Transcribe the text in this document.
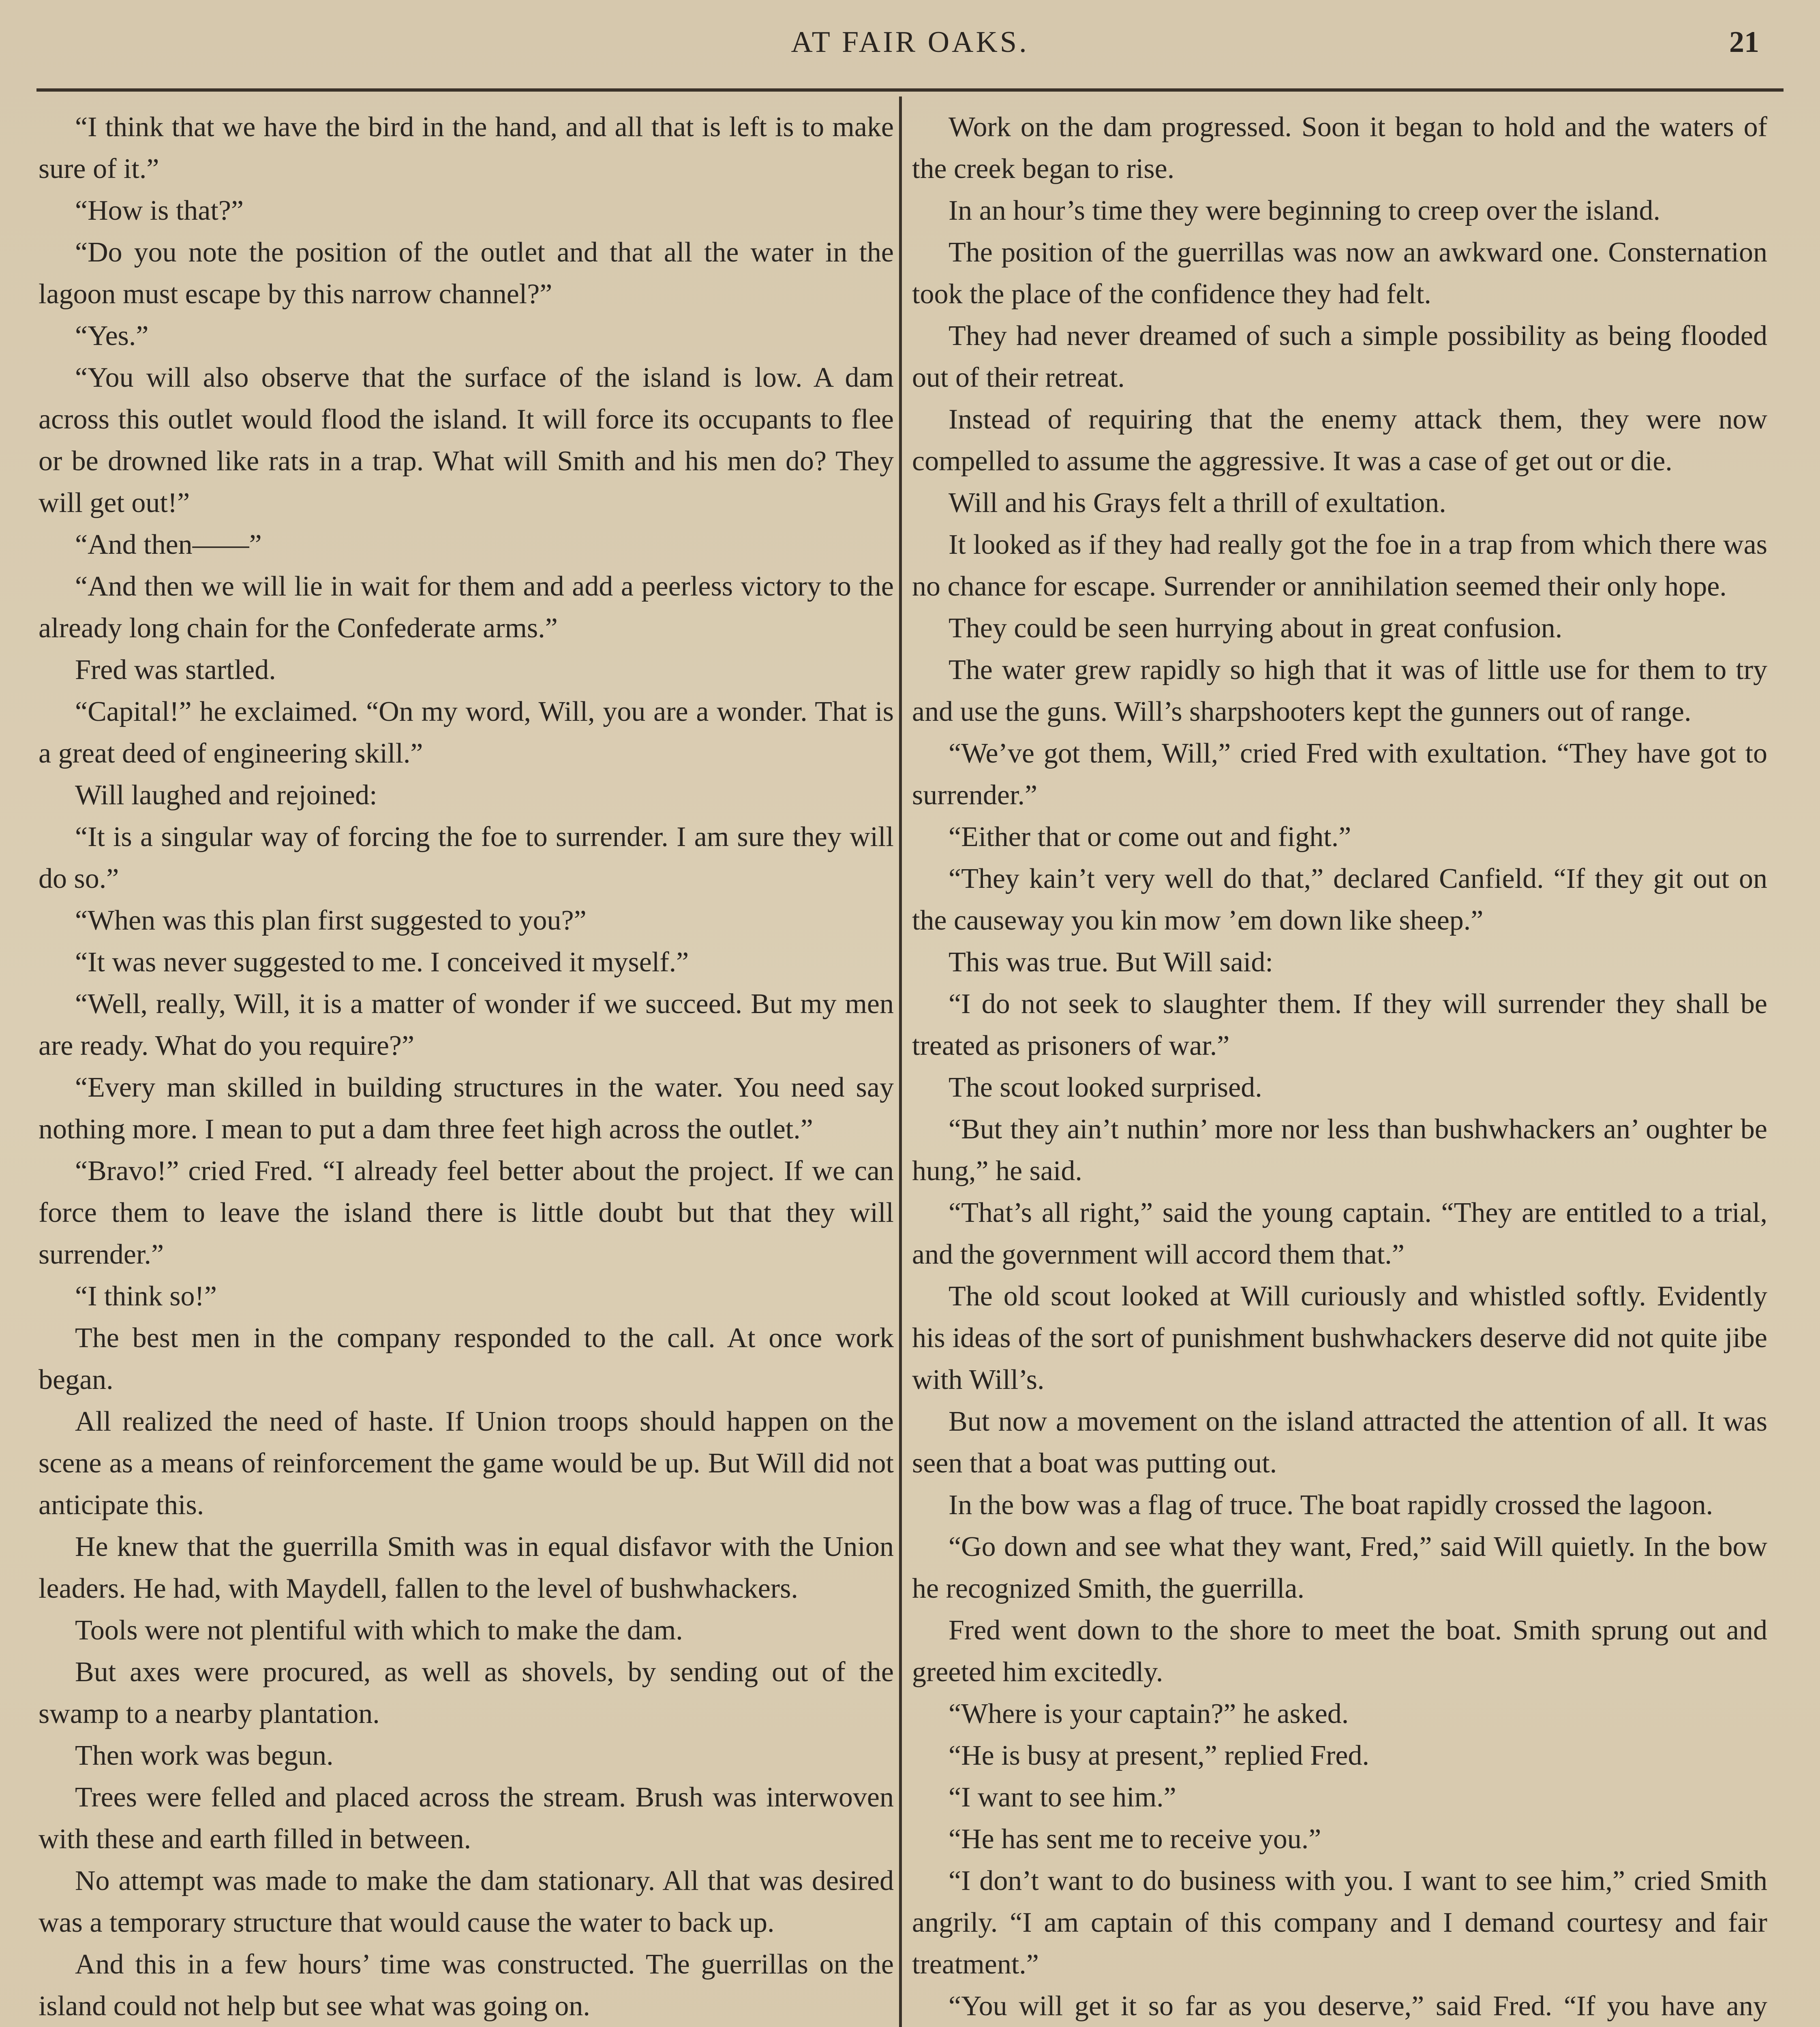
AT FAIR OAKS.	21

“I think that we have the bird in the hand, and all that is left is to make sure of it.”

“How is that?”

“Do you note the position of the outlet and that all the water in the lagoon must escape by this narrow channel?”

“Yes.”

“You will also observe that the surface of the island is low. A dam across this outlet would flood the island. It will force its occupants to flee or be drowned like rats in a trap. What will Smith and his men do? They will get out!”

“And then——”

“And then we will lie in wait for them and add a peerless victory to the already long chain for the Confederate arms.”

Fred was startled.

“Capital!” he exclaimed. “On my word, Will, you are a wonder. That is a great deed of engineering skill.”

Will laughed and rejoined:

“It is a singular way of forcing the foe to surrender. I am sure they will do so.”

“When was this plan first suggested to you?”

“It was never suggested to me. I conceived it myself.”

“Well, really, Will, it is a matter of wonder if we succeed. But my men are ready. What do you require?”

“Every man skilled in building structures in the water. You need say nothing more. I mean to put a dam three feet high across the outlet.”

“Bravo!” cried Fred. “I already feel better about the project. If we can force them to leave the island there is little doubt but that they will surrender.”

“I think so!”

The best men in the company responded to the call. At once work began.

All realized the need of haste. If Union troops should happen on the scene as a means of reinforcement the game would be up. But Will did not anticipate this.

He knew that the guerrilla Smith was in equal disfavor with the Union leaders. He had, with Maydell, fallen to the level of bushwhackers.

Tools were not plentiful with which to make the dam.

But axes were procured, as well as shovels, by sending out of the swamp to a nearby plantation.

Then work was begun.

Trees were felled and placed across the stream. Brush was interwoven with these and earth filled in between.

No attempt was made to make the dam stationary. All that was desired was a temporary structure that would cause the water to back up.

And this in a few hours’ time was constructed. The guerrillas on the island could not help but see what was going on.

Work on the dam progressed. Soon it began to hold and the waters of the creek began to rise.

In an hour’s time they were beginning to creep over the island.

The position of the guerrillas was now an awkward one. Consternation took the place of the confidence they had felt.

They had never dreamed of such a simple possibility as being flooded out of their retreat.

Instead of requiring that the enemy attack them, they were now compelled to assume the aggressive. It was a case of get out or die.

Will and his Grays felt a thrill of exultation.

It looked as if they had really got the foe in a trap from which there was no chance for escape. Surrender or annihilation seemed their only hope.

They could be seen hurrying about in great confusion.

The water grew rapidly so high that it was of little use for them to try and use the guns. Will’s sharpshooters kept the gunners out of range.

“We’ve got them, Will,” cried Fred with exultation. “They have got to surrender.”

“Either that or come out and fight.”

“They kain’t very well do that,” declared Canfield. “If they git out on the causeway you kin mow ’em down like sheep.”

This was true. But Will said:

“I do not seek to slaughter them. If they will surrender they shall be treated as prisoners of war.”

The scout looked surprised.

“But they ain’t nuthin’ more nor less than bushwhackers an’ oughter be hung,” he said.

“That’s all right,” said the young captain. “They are entitled to a trial, and the government will accord them that.”

The old scout looked at Will curiously and whistled softly. Evidently his ideas of the sort of punishment bushwhackers deserve did not quite jibe with Will’s.

But now a movement on the island attracted the attention of all. It was seen that a boat was putting out.

In the bow was a flag of truce. The boat rapidly crossed the lagoon.

“Go down and see what they want, Fred,” said Will quietly. In the bow he recognized Smith, the guerrilla.

Fred went down to the shore to meet the boat. Smith sprung out and greeted him excitedly.

“Where is your captain?” he asked.

“He is busy at present,” replied Fred.

“I want to see him.”

“He has sent me to receive you.”

“I don’t want to do business with you. I want to see him,” cried Smith angrily. “I am captain of this company and I demand courtesy and fair treatment.”

“You will get it so far as you deserve,” said Fred. “If you have any
